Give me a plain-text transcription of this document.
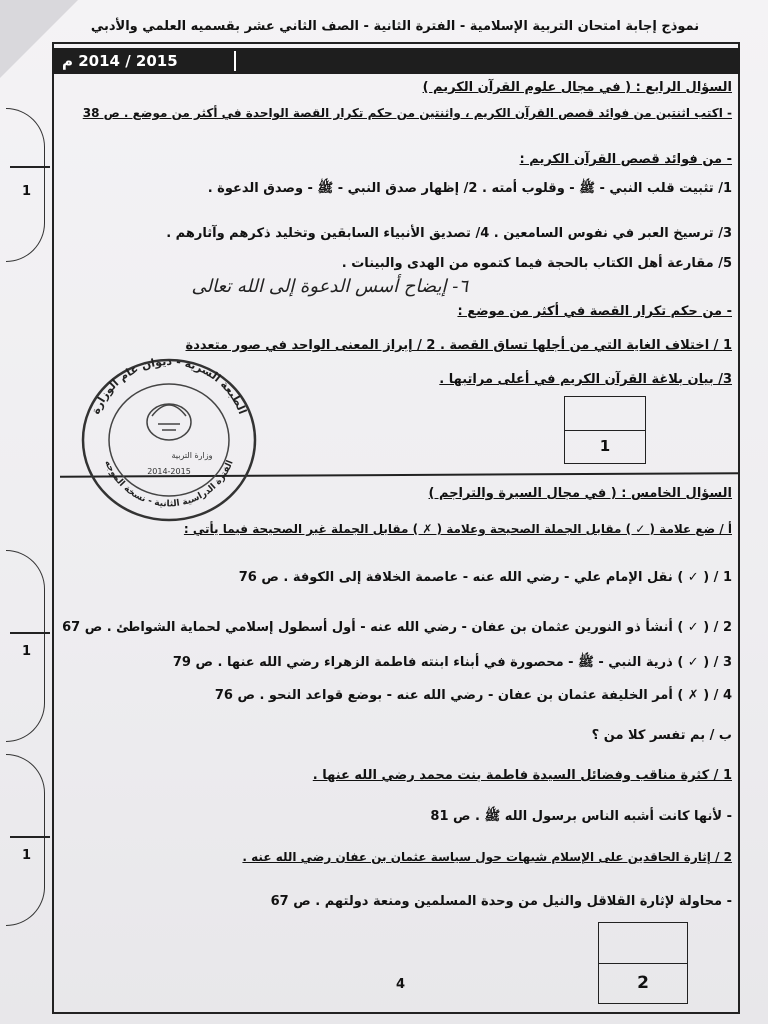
نموذج إجابة امتحان التربية الإسلامية - الفترة الثانية - الصف الثاني عشر بقسميه العلمي والأدبي
2015 / 2014 م
السؤال الرابع : ( في مجال علوم القرآن الكريم )
- اكتب اثنتين من فوائد قصص القرآن الكريم ، واثنتين من حكم تكرار القصة الواحدة في أكثر من موضع . ص 38
- من فوائد قصص القرآن الكريم :
1/ تثبيت قلب النبي - ﷺ - وقلوب أمته . 2/ إظهار صدق النبي - ﷺ - وصدق الدعوة .
3/ ترسيخ العبر في نفوس السامعين . 4/ تصديق الأنبياء السابقين وتخليد ذكرهم وآثارهم .
5/ مقارعة أهل الكتاب بالحجة فيما كتموه من الهدى والبينات .
٦- إيضاح أسس الدعوة إلى الله تعالى
- من حكم تكرار القصة في أكثر من موضع :
1 / اختلاف الغاية التي من أجلها تساق القصة . 2 / إبراز المعنى الواحد في صور متعددة
3/ بيان بلاغة القرآن الكريم في أعلى مراتبها .
1
السؤال الخامس : ( في مجال السيرة والتراجم )
أ / ضع علامة ( ✓ ) مقابل الجملة الصحيحة وعلامة ( ✗ ) مقابل الجملة غير الصحيحة فيما يأتي :
1 / ( ✓ ) نقل الإمام علي - رضي الله عنه - عاصمة الخلافة إلى الكوفة . ص 76
2 / ( ✓ ) أنشأ ذو النورين عثمان بن عفان - رضي الله عنه - أول أسطول إسلامي لحماية الشواطئ . ص 67
3 / ( ✓ ) ذرية النبي - ﷺ - محصورة في أبناء ابنته فاطمة الزهراء رضي الله عنها . ص 79
4 / ( ✗ ) أمر الخليفة عثمان بن عفان - رضي الله عنه - بوضع قواعد النحو . ص 76
ب / بم تفسر كلا من ؟
1 / كثرة مناقب وفضائل السيدة فاطمة بنت محمد رضي الله عنها .
- لأنها كانت أشبه الناس برسول الله ﷺ . ص 81
2 / إثارة الحاقدين على الإسلام شبهات حول سياسة عثمان بن عفان رضي الله عنه .
- محاولة لإثارة القلاقل والنيل من وحدة المسلمين ومنعة دولتهم . ص 67
2
4
1
1
1
2014-2015
وزارة التربية
الطبعة السرية - ديوان عام الوزارة
الفترة الدراسية الثانية - نسخة الموجه
